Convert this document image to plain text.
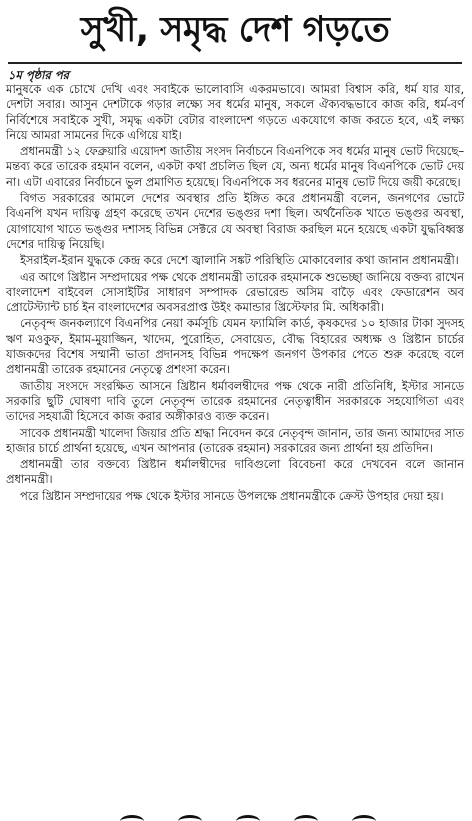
সুখী, সমৃদ্ধ দেশ গড়তে
১ম পৃষ্ঠার পর

মানুষকে এক চোখে দেখি এবং সবাইকে ভালোবাসি একরমভাবে। আমরা বিশ্বাস করি, ধর্ম যার যার, দেশটা সবার। আসুন দেশটাকে গড়ার লক্ষ্যে সব ধর্মের মানুষ, সকলে ঐক্যবদ্ধভাবে কাজ করি, ধর্ম-বর্ণ নির্বিশেষে সবাইকে সুখী, সমৃদ্ধ একটা বেটার বাংলাদেশ গড়তে একযোগে কাজ করতে হবে, এই লক্ষ্য নিয়ে আমরা সামনের দিকে এগিয়ে যাই।

প্রধানমন্ত্রী ১২ ফেব্রুয়ারি এয়োদশ জাতীয় সংসদ নির্বাচনে বিএনপিকে সব ধর্মের মানুষ ভোট দিয়েছে– মন্তব্য করে তারেক রহমান বলেন, একটা কথা প্রচলিত ছিল যে, অন্য ধর্মের মানুষ বিএনপিকে ভোট দেয় না। এটা এবারের নির্বাচনে ভুল প্রমাণিত হয়েছে। বিএনপিকে সব ধরনের মানুষ ভোট দিয়ে জয়ী করেছে।

বিগত সরকারের আমলে দেশের অবস্থার প্রতি ইঙ্গিত করে প্রধানমন্ত্রী বলেন, জনগণের ভোটে বিএনপি যখন দায়িত্ব গ্রহণ করেছে তখন দেশের ভঙ্গুর দশা ছিল। অর্থনৈতিক খাতে ভঙ্গুর অবস্থা, যোগাযোগ খাতে ভঙ্গুর দশাসহ বিভিন্ন সেক্টরে যে অবস্থা বিরাজ করছিল মনে হয়েছে একটা যুদ্ধবিধ্বস্ত দেশের দায়িত্ব নিয়েছি।

ইসরাইল-ইরান যুদ্ধকে কেন্দ্র করে দেশে জ্বালানি সঙ্কট পরিস্থিতি মোকাবেলার কথা জানান প্রধানমন্ত্রী।

এর আগে খ্রিষ্টান সম্প্রদায়ের পক্ষ থেকে প্রধানমন্ত্রী তারেক রহমানকে শুভেচ্ছা জানিয়ে বক্তব্য রাখেন বাংলাদেশ বাইবেল সোসাইটির সাধারণ সম্পাদক রেভারেন্ড অসিম বাড়ৈ এবং ফেডারেশন অব প্রোটেস্ট্যান্ট চার্চ ইন বাংলাদেশের অবসরপ্রাপ্ত উইং কমান্ডার খ্রিস্টেফার মি. অধিকারী।

নেতৃবৃন্দ জনকল্যাণে বিএনপির নেয়া কর্মসূচি যেমন ফ্যামিলি কার্ড, কৃষকদের ১০ হাজার টাকা সুদসহ ঋণ মওকুফ, ইমাম-মুয়াজ্জিন, খাদেম, পুরোহিত, সেবায়েত, বৌদ্ধ বিহারের অধ্যক্ষ ও খ্রিষ্টান চার্চের যাজকদের বিশেষ সম্মানী ভাতা প্রদানসহ বিভিন্ন পদক্ষেপ জনগণ উপকার পেতে শুরু করেছে বলে প্রধানমন্ত্রী তারেক রহমানের নেতৃত্বে প্রশংসা করেন।

জাতীয় সংসদে সংরক্ষিত আসনে খ্রিষ্টান ধর্মাবলম্বীদের পক্ষ থেকে নারী প্রতিনিধি, ইস্টার সানডে সরকারি ছুটি ঘোষণা দাবি তুলে নেতৃবৃন্দ তারেক রহমানের নেতৃত্বাধীন সরকারকে সহযোগিতা এবং তাদের সহযাত্রী হিসেবে কাজ করার অঙ্গীকারও ব্যক্ত করেন।

সাবেক প্রধানমন্ত্রী খালেদা জিয়ার প্রতি শ্রদ্ধা নিবেদন করে নেতৃবৃন্দ জানান, তার জন্য আমাদের সাত হাজার চার্চে প্রার্থনা হয়েছে, এখন আপনার (তারেক রহমান) সরকারের জন্য প্রার্থনা হয় প্রতিদিন।

প্রধানমন্ত্রী তার বক্তব্যে খ্রিষ্টান ধর্মালম্বীদের দাবিগুলো বিবেচনা করে দেখবেন বলে জানান প্রধানমন্ত্রী।

পরে খ্রিষ্টান সম্প্রদায়ের পক্ষ থেকে ইস্টার সানডে উপলক্ষে প্রধানমন্ত্রীকে ক্রেস্ট উপহার দেয়া হয়।
